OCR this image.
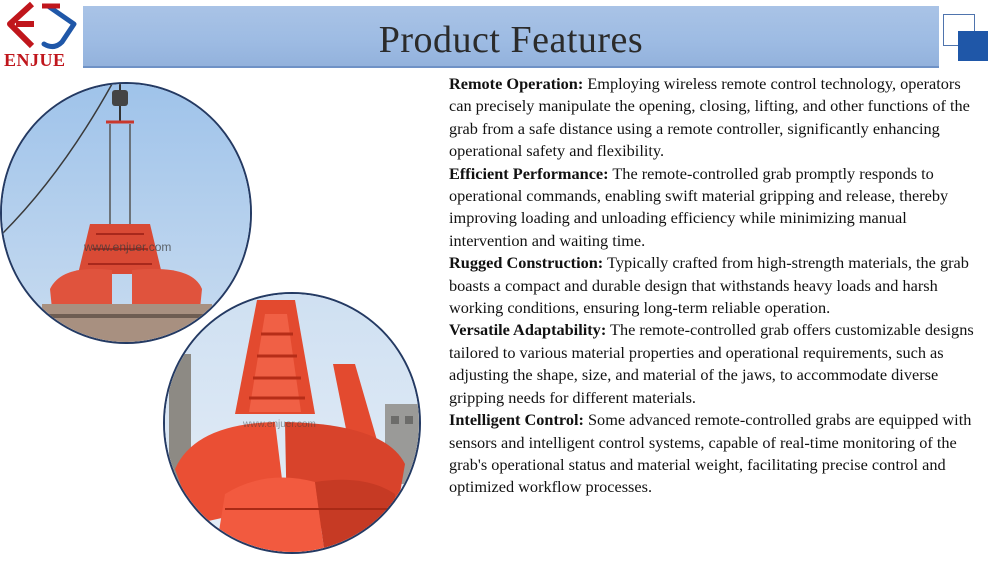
ENJUE	Product Features
www.enjuer.com
www.enjuer.com

Remote Operation: Employing wireless remote control technology, operators can precisely manipulate the opening, closing, lifting, and other functions of the grab from a safe distance using a remote controller, significantly enhancing operational safety and flexibility.

Efficient Performance: The remote-controlled grab promptly responds to operational commands, enabling swift material gripping and release, thereby improving loading and unloading efficiency while minimizing manual intervention and waiting time.

Rugged Construction: Typically crafted from high-strength materials, the grab boasts a compact and durable design that withstands heavy loads and harsh working conditions, ensuring long-term reliable operation.

Versatile Adaptability: The remote-controlled grab offers customizable designs tailored to various material properties and operational requirements, such as adjusting the shape, size, and material of the jaws, to accommodate diverse gripping needs for different materials.

Intelligent Control: Some advanced remote-controlled grabs are equipped with sensors and intelligent control systems, capable of real-time monitoring of the grab's operational status and material weight, facilitating precise control and optimized workflow processes.
